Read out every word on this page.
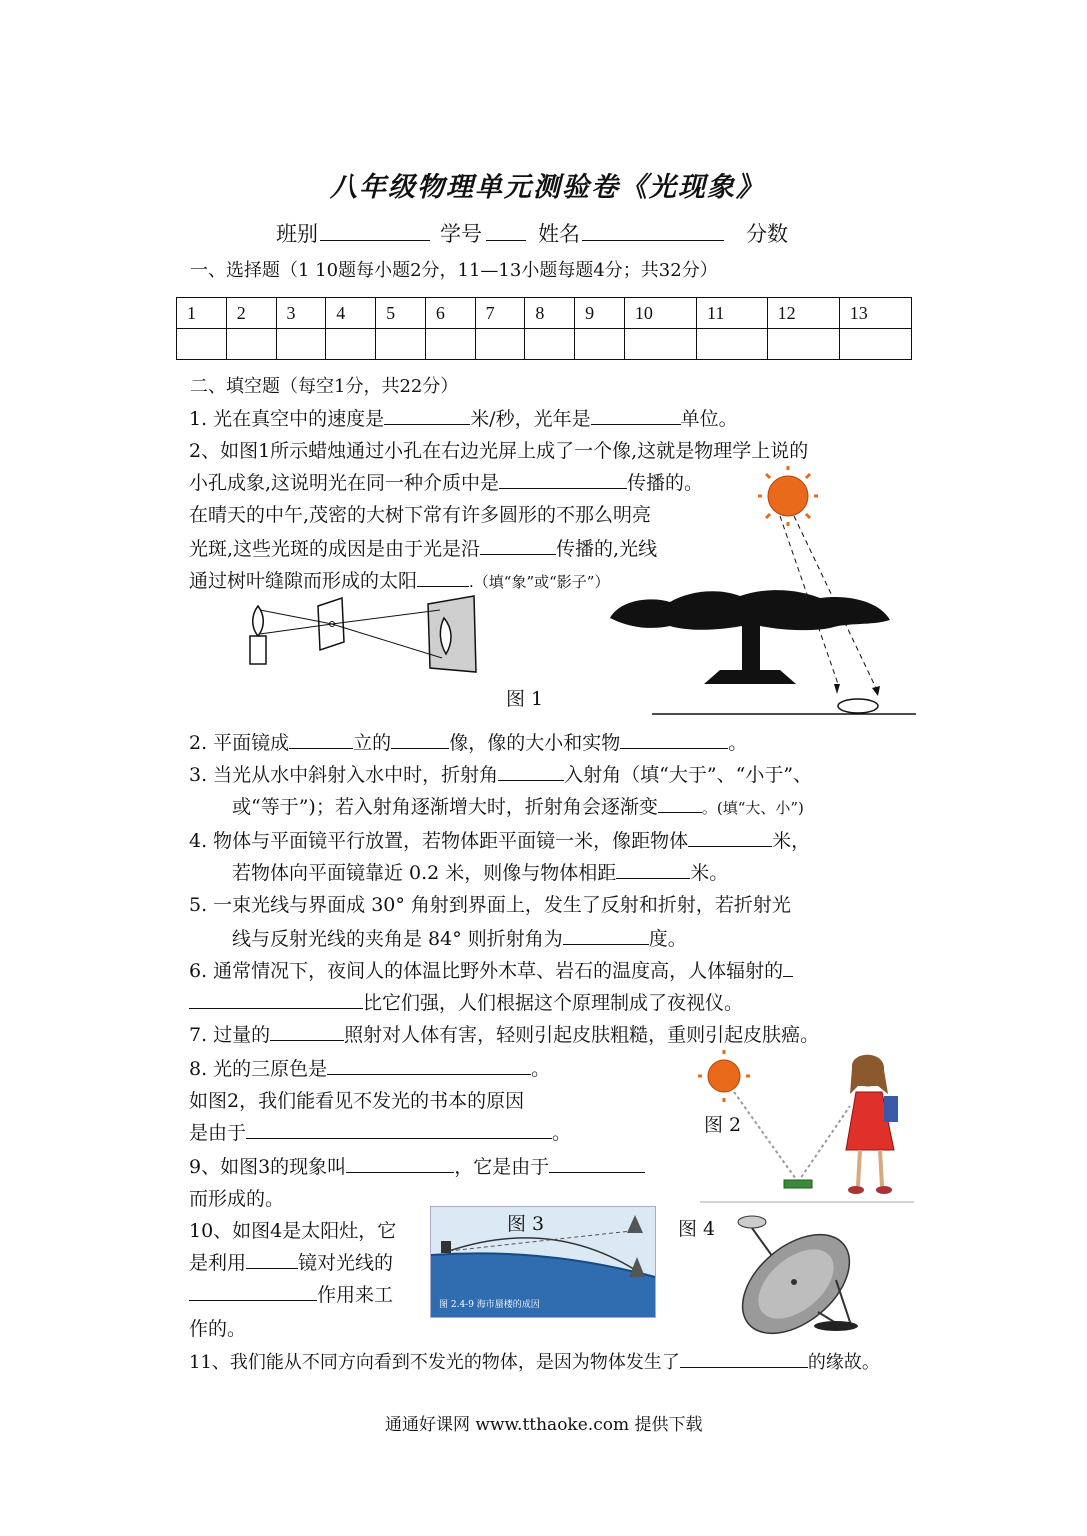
八年级物理单元测验卷《光现象》
班别	学号	姓名	分数
一、选择题（1 10题每小题2分，11—13小题每题4分；共32分）
1	2	3	4	5	6	7	8	9	10	11	12	13

二、填空题（每空1分，共22分）
1. 光在真空中的速度是	米/秒，光年是	单位。
2、如图1所示蜡烛通过小孔在右边光屏上成了一个像,这就是物理学上说的
小孔成象,这说明光在同一种介质中是	传播的。
在晴天的中午,茂密的大树下常有许多圆形的不那么明亮
光斑,这些光斑的成因是由于光是沿	传播的,光线
通过树叶缝隙而形成的太阳	.（填“象”或“影子”）
图 1
2. 平面镜成	立的	像，像的大小和实物	。
3. 当光从水中斜射入水中时，折射角	入射角（填“大于”、“小于”、
或“等于”)；若入射角逐渐增大时，折射角会逐渐变	。(填“大、小”)
4. 物体与平面镜平行放置，若物体距平面镜一米，像距物体	米，
若物体向平面镜靠近 0.2 米，则像与物体相距	米。
5. 一束光线与界面成 30° 角射到界面上，发生了反射和折射，若折射光
线与反射光线的夹角是 84° 则折射角为	度。
6. 通常情况下，夜间人的体温比野外木草、岩石的温度高，人体辐射的
比它们强，人们根据这个原理制成了夜视仪。
7. 过量的	照射对人体有害，轻则引起皮肤粗糙，重则引起皮肤癌。
8. 光的三原色是	。
如图2，我们能看见不发光的书本的原因
是由于	。	图 2
9、如图3的现象叫	，它是由于
而形成的。
10、如图4是太阳灶，它
是利用	镜对光线的
作用来工
作的。
图 3
图 2.4-9 海市蜃楼的成因
图 4
11、我们能从不同方向看到不发光的物体，是因为物体发生了	的缘故。
通通好课网 www.tthaoke.com 提供下载
